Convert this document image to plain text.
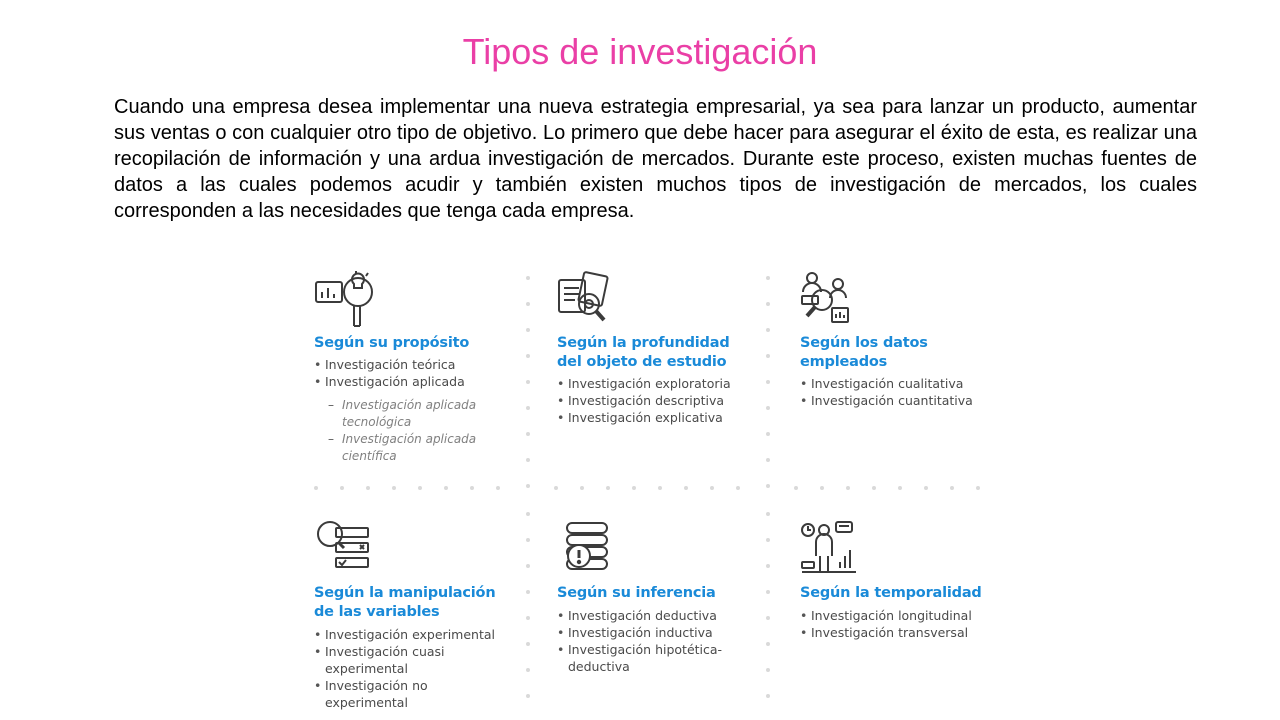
Tipos de investigación

Cuando una empresa desea implementar una nueva estrategia empresarial, ya sea para lanzar un producto, aumentar sus ventas o con cualquier otro tipo de objetivo. Lo primero que debe hacer para asegurar el éxito de esta, es realizar una recopilación de información y una ardua investigación de mercados. Durante este proceso, existen muchas fuentes de datos a las cuales podemos acudir y también existen muchos tipos de investigación de mercados, los cuales corresponden a las necesidades que tenga cada empresa.

Según su propósito
• Investigación teórica
• Investigación aplicada
– Investigación aplicada tecnológica
– Investigación aplicada científica
Según la profundidad
del objeto de estudio
• Investigación exploratoria
• Investigación descriptiva
• Investigación explicativa
Según los datos
empleados
• Investigación cualitativa
• Investigación cuantitativa
Según la manipulación
de las variables
• Investigación experimental
• Investigación cuasi experimental
• Investigación no experimental
Según su inferencia
• Investigación deductiva
• Investigación inductiva
• Investigación hipotética-deductiva
Según la temporalidad
• Investigación longitudinal
• Investigación transversal
